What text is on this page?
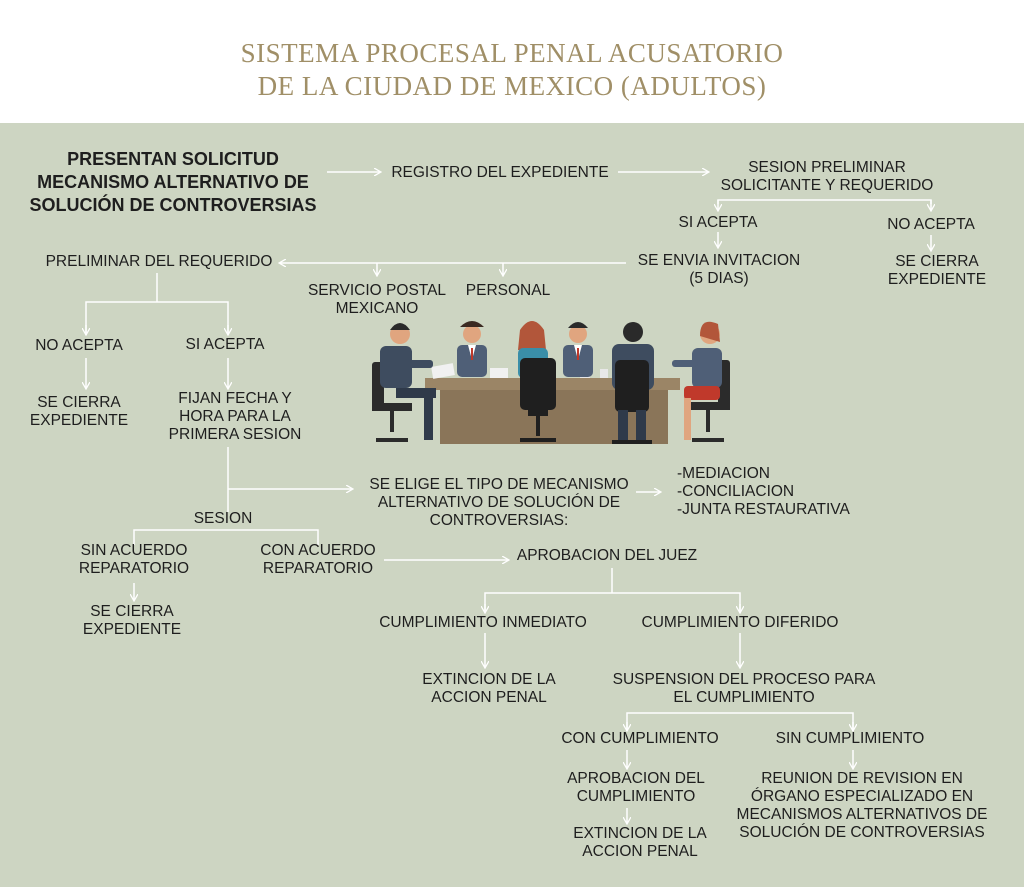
SISTEMA PROCESAL PENAL ACUSATORIO
DE LA CIUDAD DE MEXICO (ADULTOS)
PRESENTAN SOLICITUD
MECANISMO ALTERNATIVO DE
SOLUCIÓN DE CONTROVERSIAS
REGISTRO DEL EXPEDIENTE	SESION PRELIMINAR
SOLICITANTE Y REQUERIDO
SI ACEPTA	NO ACEPTA
SE CIERRA
EXPEDIENTE
SE ENVIA INVITACION
(5 DIAS)
SERVICIO POSTAL
MEXICANO
PERSONAL
PRELIMINAR DEL REQUERIDO
NO ACEPTA	SI ACEPTA
SE CIERRA
EXPEDIENTE
FIJAN FECHA Y
HORA PARA LA
PRIMERA SESION
SE ELIGE EL TIPO DE MECANISMO
ALTERNATIVO DE SOLUCIÓN DE
CONTROVERSIAS:
-MEDIACION
-CONCILIACION
-JUNTA RESTAURATIVA
SESION
SIN ACUERDO
REPARATORIO
CON ACUERDO
REPARATORIO
SE CIERRA
EXPEDIENTE
APROBACION DEL JUEZ
CUMPLIMIENTO INMEDIATO	CUMPLIMIENTO DIFERIDO
EXTINCION DE LA
ACCION PENAL
SUSPENSION DEL PROCESO PARA
EL CUMPLIMIENTO
CON CUMPLIMIENTO	SIN CUMPLIMIENTO
APROBACION DEL
CUMPLIMIENTO
EXTINCION DE LA
ACCION PENAL
REUNION DE REVISION EN
ÓRGANO ESPECIALIZADO EN
MECANISMOS ALTERNATIVOS DE
SOLUCIÓN DE CONTROVERSIAS
